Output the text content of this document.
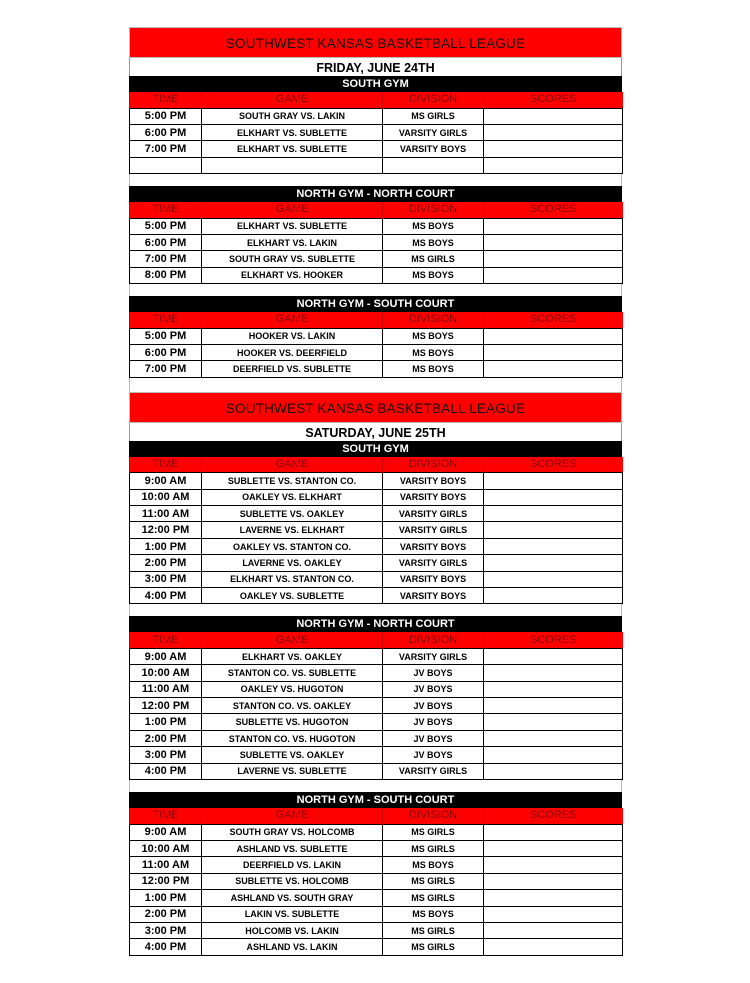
SOUTHWEST KANSAS BASKETBALL LEAGUE
FRIDAY, JUNE 24TH
SOUTH GYM
TIME	GAME	DIVISION	SCORES
5:00 PM	SOUTH GRAY VS. LAKIN	MS GIRLS	
6:00 PM	ELKHART VS. SUBLETTE	VARSITY GIRLS	
7:00 PM	ELKHART VS. SUBLETTE	VARSITY BOYS	

NORTH GYM - NORTH COURT
TIME	GAME	DIVISION	SCORES
5:00 PM	ELKHART VS. SUBLETTE	MS BOYS	
6:00 PM	ELKHART VS. LAKIN	MS BOYS	
7:00 PM	SOUTH GRAY VS. SUBLETTE	MS GIRLS	
8:00 PM	ELKHART VS. HOOKER	MS BOYS	
NORTH GYM - SOUTH COURT
TIME	GAME	DIVISION	SCORES
5:00 PM	HOOKER VS. LAKIN	MS BOYS	
6:00 PM	HOOKER VS. DEERFIELD	MS BOYS	
7:00 PM	DEERFIELD VS. SUBLETTE	MS BOYS	
SOUTHWEST KANSAS BASKETBALL LEAGUE
SATURDAY, JUNE 25TH
SOUTH GYM
TIME	GAME	DIVISION	SCORES
9:00 AM	SUBLETTE VS. STANTON CO.	VARSITY BOYS	
10:00 AM	OAKLEY VS. ELKHART	VARSITY BOYS	
11:00 AM	SUBLETTE VS. OAKLEY	VARSITY GIRLS	
12:00 PM	LAVERNE VS. ELKHART	VARSITY GIRLS	
1:00 PM	OAKLEY VS. STANTON CO.	VARSITY BOYS	
2:00 PM	LAVERNE VS. OAKLEY	VARSITY GIRLS	
3:00 PM	ELKHART VS. STANTON CO.	VARSITY BOYS	
4:00 PM	OAKLEY VS. SUBLETTE	VARSITY BOYS	
NORTH GYM - NORTH COURT
TIME	GAME	DIVISION	SCORES
9:00 AM	ELKHART VS. OAKLEY	VARSITY GIRLS	
10:00 AM	STANTON CO. VS. SUBLETTE	JV BOYS	
11:00 AM	OAKLEY VS. HUGOTON	JV BOYS	
12:00 PM	STANTON CO. VS. OAKLEY	JV BOYS	
1:00 PM	SUBLETTE VS. HUGOTON	JV BOYS	
2:00 PM	STANTON CO. VS. HUGOTON	JV BOYS	
3:00 PM	SUBLETTE VS. OAKLEY	JV BOYS	
4:00 PM	LAVERNE VS. SUBLETTE	VARSITY GIRLS	
NORTH GYM - SOUTH COURT
TIME	GAME	DIVISION	SCORES
9:00 AM	SOUTH GRAY VS. HOLCOMB	MS GIRLS	
10:00 AM	ASHLAND VS. SUBLETTE	MS GIRLS	
11:00 AM	DEERFIELD VS. LAKIN	MS BOYS	
12:00 PM	SUBLETTE VS. HOLCOMB	MS GIRLS	
1:00 PM	ASHLAND VS. SOUTH GRAY	MS GIRLS	
2:00 PM	LAKIN VS. SUBLETTE	MS BOYS	
3:00 PM	HOLCOMB VS. LAKIN	MS GIRLS	
4:00 PM	ASHLAND VS. LAKIN	MS GIRLS	
